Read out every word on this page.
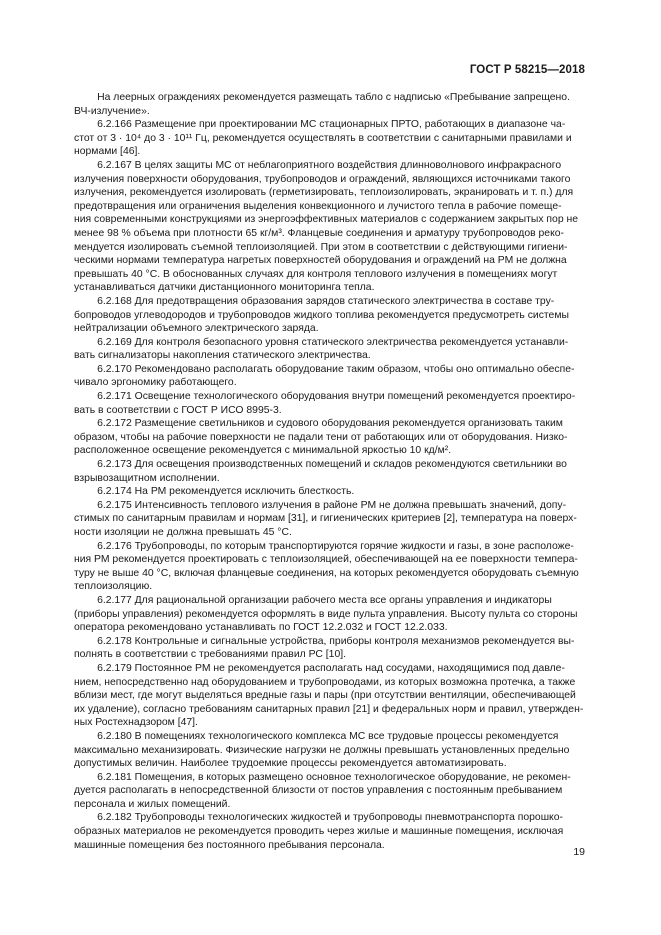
ГОСТ Р 58215—2018

На леерных ограждениях рекомендуется размещать табло с надписью «Пребывание запрещено.

ВЧ-излучение».

6.2.166 Размещение при проектировании МС стационарных ПРТО, работающих в диапазоне ча-

стот от 3 · 10⁴ до 3 · 10¹¹ Гц, рекомендуется осуществлять в соответствии с санитарными правилами и

нормами [46].

6.2.167 В целях защиты МС от неблагоприятного воздействия длинноволнового инфракрасного

излучения поверхности оборудования, трубопроводов и ограждений, являющихся источниками такого

излучения, рекомендуется изолировать (герметизировать, теплоизолировать, экранировать и т. п.) для

предотвращения или ограничения выделения конвекционного и лучистого тепла в рабочие помеще-

ния современными конструкциями из энергоэффективных материалов с содержанием закрытых пор не

менее 98 % объема при плотности 65 кг/м³. Фланцевые соединения и арматуру трубопроводов реко-

мендуется изолировать съемной теплоизоляцией. При этом в соответствии с действующими гигиени-

ческими нормами температура нагретых поверхностей оборудования и ограждений на РМ не должна

превышать 40 °С. В обоснованных случаях для контроля теплового излучения в помещениях могут

устанавливаться датчики дистанционного мониторинга тепла.

6.2.168 Для предотвращения образования зарядов статического электричества в составе тру-

бопроводов углеводородов и трубопроводов жидкого топлива рекомендуется предусмотреть системы

нейтрализации объемного электрического заряда.

6.2.169 Для контроля безопасного уровня статического электричества рекомендуется устанавли-

вать сигнализаторы накопления статического электричества.

6.2.170 Рекомендовано располагать оборудование таким образом, чтобы оно оптимально обеспе-

чивало эргономику работающего.

6.2.171 Освещение технологического оборудования внутри помещений рекомендуется проектиро-

вать в соответствии с ГОСТ Р ИСО 8995-3.

6.2.172 Размещение светильников и судового оборудования рекомендуется организовать таким

образом, чтобы на рабочие поверхности не падали тени от работающих или от оборудования. Низко-

расположенное освещение рекомендуется с минимальной яркостью 10 кд/м².

6.2.173 Для освещения производственных помещений и складов рекомендуются светильники во

взрывозащитном исполнении.

6.2.174 На РМ рекомендуется исключить блесткость.

6.2.175 Интенсивность теплового излучения в районе РМ не должна превышать значений, допу-

стимых по санитарным правилам и нормам [31], и гигиенических критериев [2], температура на поверх-

ности изоляции не должна превышать 45 °С.

6.2.176 Трубопроводы, по которым транспортируются горячие жидкости и газы, в зоне расположе-

ния РМ рекомендуется проектировать с теплоизоляцией, обеспечивающей на ее поверхности темпера-

туру не выше 40 °С, включая фланцевые соединения, на которых рекомендуется оборудовать съемную

теплоизоляцию.

6.2.177 Для рациональной организации рабочего места все органы управления и индикаторы

(приборы управления) рекомендуется оформлять в виде пульта управления. Высоту пульта со стороны

оператора рекомендовано устанавливать по ГОСТ 12.2.032 и ГОСТ 12.2.033.

6.2.178 Контрольные и сигнальные устройства, приборы контроля механизмов рекомендуется вы-

полнять в соответствии с требованиями правил РС [10].

6.2.179 Постоянное РМ не рекомендуется располагать над сосудами, находящимися под давле-

нием, непосредственно над оборудованием и трубопроводами, из которых возможна протечка, а также

вблизи мест, где могут выделяться вредные газы и пары (при отсутствии вентиляции, обеспечивающей

их удаление), согласно требованиям санитарных правил [21] и федеральных норм и правил, утвержден-

ных Ростехнадзором [47].

6.2.180 В помещениях технологического комплекса МС все трудовые процессы рекомендуется

максимально механизировать. Физические нагрузки не должны превышать установленных предельно

допустимых величин. Наиболее трудоемкие процессы рекомендуется автоматизировать.

6.2.181 Помещения, в которых размещено основное технологическое оборудование, не рекомен-

дуется располагать в непосредственной близости от постов управления с постоянным пребыванием

персонала и жилых помещений.

6.2.182 Трубопроводы технологических жидкостей и трубопроводы пневмотранспорта порошко-

образных материалов не рекомендуется проводить через жилые и машинные помещения, исключая

машинные помещения без постоянного пребывания персонала.

19
